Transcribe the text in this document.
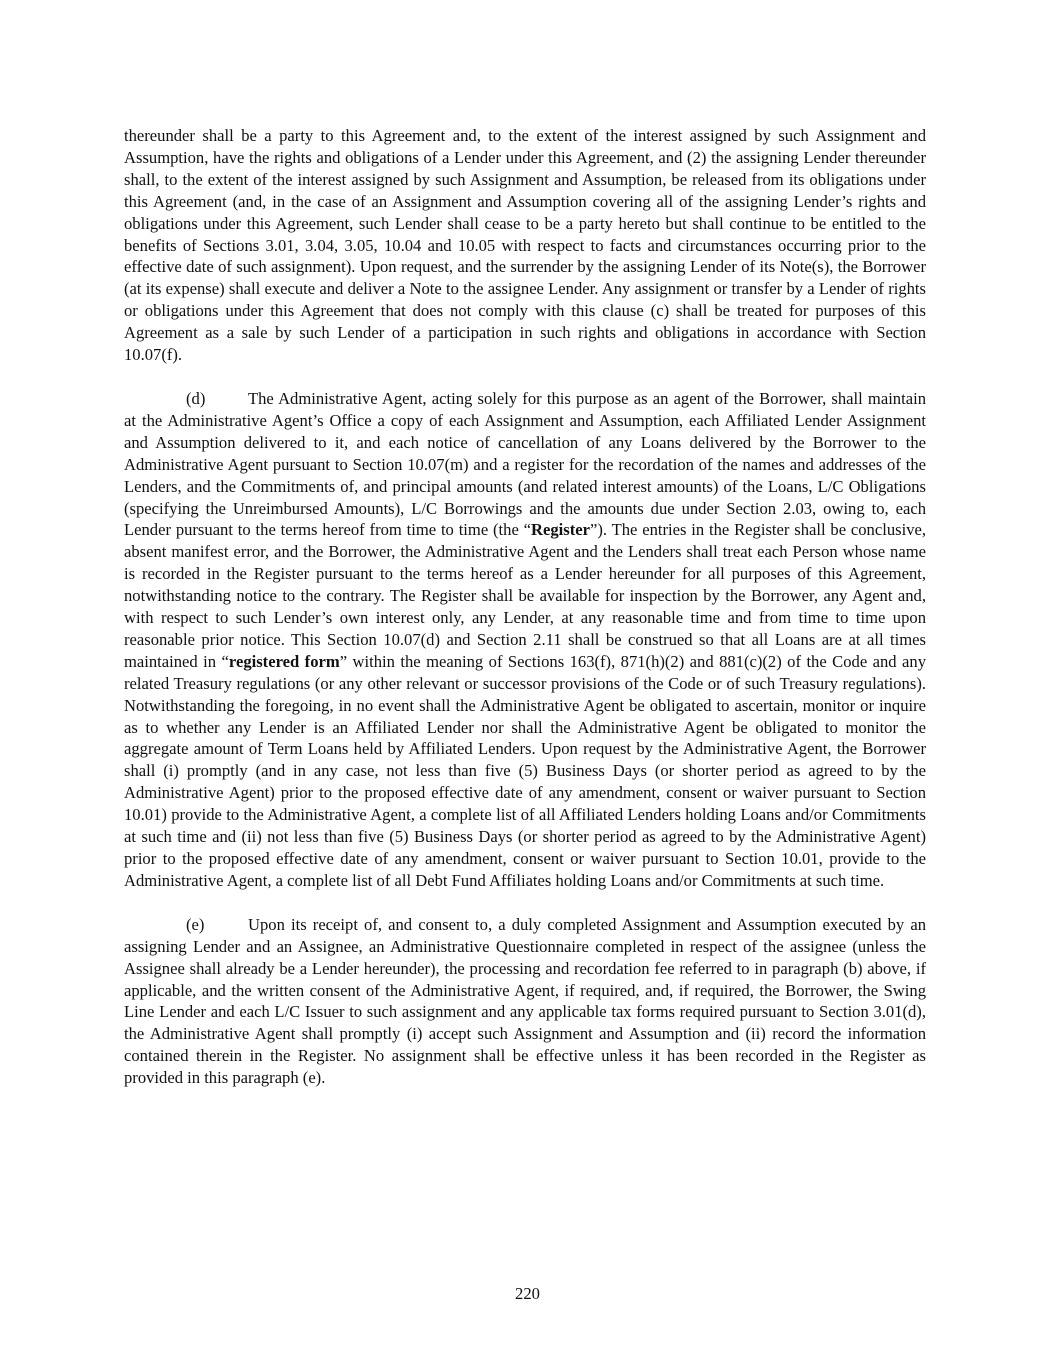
thereunder shall be a party to this Agreement and, to the extent of the interest assigned by such Assignment and Assumption, have the rights and obligations of a Lender under this Agreement, and (2) the assigning Lender thereunder shall, to the extent of the interest assigned by such Assignment and Assumption, be released from its obligations under this Agreement (and, in the case of an Assignment and Assumption covering all of the assigning Lender’s rights and obligations under this Agreement, such Lender shall cease to be a party hereto but shall continue to be entitled to the benefits of Sections 3.01, 3.04, 3.05, 10.04 and 10.05 with respect to facts and circumstances occurring prior to the effective date of such assignment). Upon request, and the surrender by the assigning Lender of its Note(s), the Borrower (at its expense) shall execute and deliver a Note to the assignee Lender. Any assignment or transfer by a Lender of rights or obligations under this Agreement that does not comply with this clause (c) shall be treated for purposes of this Agreement as a sale by such Lender of a participation in such rights and obligations in accordance with Section 10.07(f).

(d)	The Administrative Agent, acting solely for this purpose as an agent of the Borrower, shall maintain at the Administrative Agent’s Office a copy of each Assignment and Assumption, each Affiliated Lender Assignment and Assumption delivered to it, and each notice of cancellation of any Loans delivered by the Borrower to the Administrative Agent pursuant to Section 10.07(m) and a register for the recordation of the names and addresses of the Lenders, and the Commitments of, and principal amounts (and related interest amounts) of the Loans, L/C Obligations (specifying the Unreimbursed Amounts), L/C Borrowings and the amounts due under Section 2.03, owing to, each Lender pursuant to the terms hereof from time to time (the “Register”). The entries in the Register shall be conclusive, absent manifest error, and the Borrower, the Administrative Agent and the Lenders shall treat each Person whose name is recorded in the Register pursuant to the terms hereof as a Lender hereunder for all purposes of this Agreement, notwithstanding notice to the contrary. The Register shall be available for inspection by the Borrower, any Agent and, with respect to such Lender’s own interest only, any Lender, at any reasonable time and from time to time upon reasonable prior notice. This Section 10.07(d) and Section 2.11 shall be construed so that all Loans are at all times maintained in “registered form” within the meaning of Sections 163(f), 871(h)(2) and 881(c)(2) of the Code and any related Treasury regulations (or any other relevant or successor provisions of the Code or of such Treasury regulations). Notwithstanding the foregoing, in no event shall the Administrative Agent be obligated to ascertain, monitor or inquire as to whether any Lender is an Affiliated Lender nor shall the Administrative Agent be obligated to monitor the aggregate amount of Term Loans held by Affiliated Lenders. Upon request by the Administrative Agent, the Borrower shall (i) promptly (and in any case, not less than five (5) Business Days (or shorter period as agreed to by the Administrative Agent) prior to the proposed effective date of any amendment, consent or waiver pursuant to Section 10.01) provide to the Administrative Agent, a complete list of all Affiliated Lenders holding Loans and/or Commitments at such time and (ii) not less than five (5) Business Days (or shorter period as agreed to by the Administrative Agent) prior to the proposed effective date of any amendment, consent or waiver pursuant to Section 10.01, provide to the Administrative Agent, a complete list of all Debt Fund Affiliates holding Loans and/or Commitments at such time.

(e)	Upon its receipt of, and consent to, a duly completed Assignment and Assumption executed by an assigning Lender and an Assignee, an Administrative Questionnaire completed in respect of the assignee (unless the Assignee shall already be a Lender hereunder), the processing and recordation fee referred to in paragraph (b) above, if applicable, and the written consent of the Administrative Agent, if required, and, if required, the Borrower, the Swing Line Lender and each L/C Issuer to such assignment and any applicable tax forms required pursuant to Section 3.01(d), the Administrative Agent shall promptly (i) accept such Assignment and Assumption and (ii) record the information contained therein in the Register. No assignment shall be effective unless it has been recorded in the Register as provided in this paragraph (e).

220
